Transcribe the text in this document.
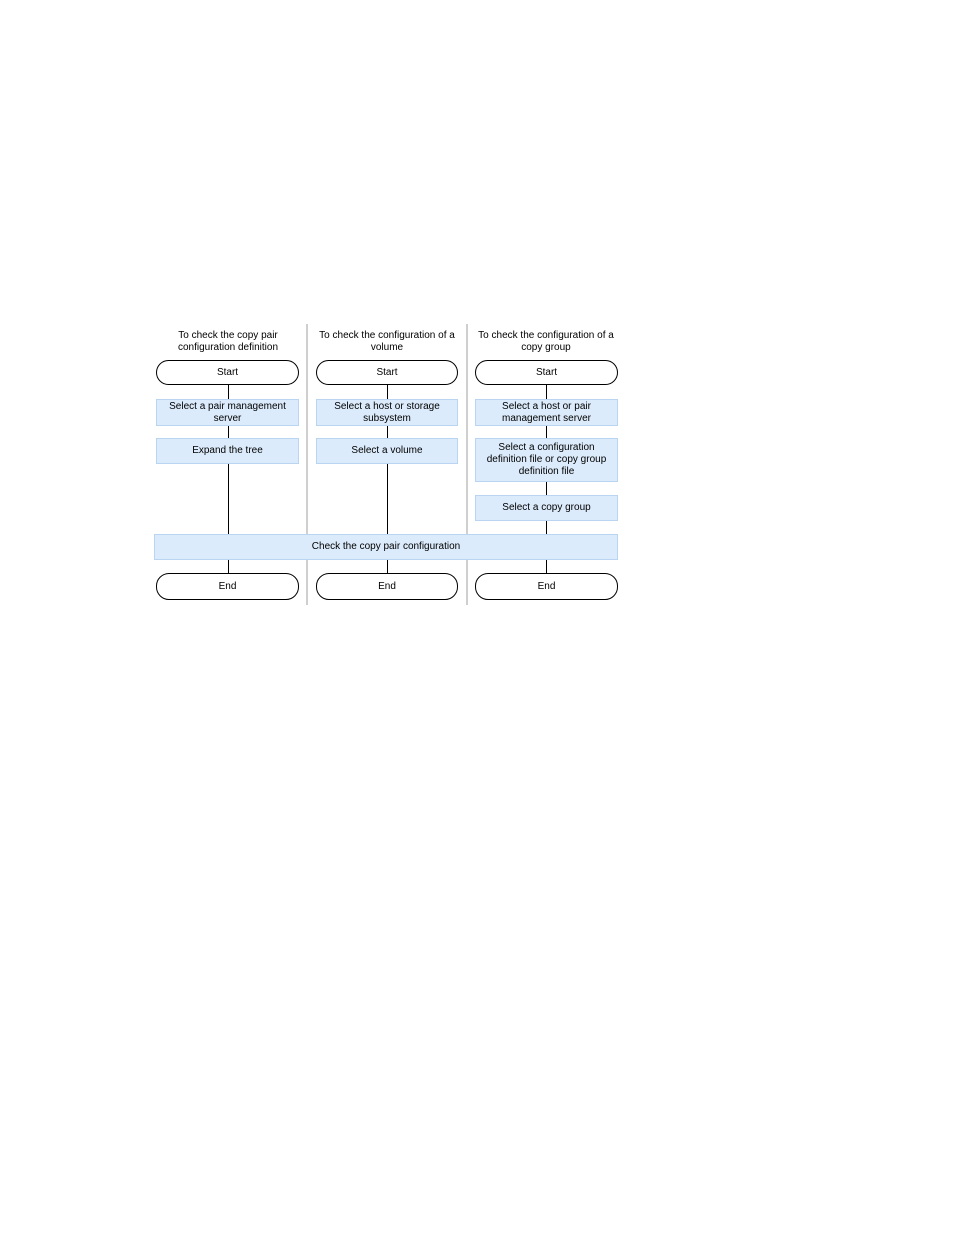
To check the copy pair configuration definition
Start
Select a pair management server
Expand the tree
End
To check the configuration of a volume
Start
Select a host or storage subsystem
Select a volume
End
To check the configuration of a copy group
Start
Select a host or pair management server
Select a configuration definition file or copy group definition file
Select a copy group
End
Check the copy pair configuration
